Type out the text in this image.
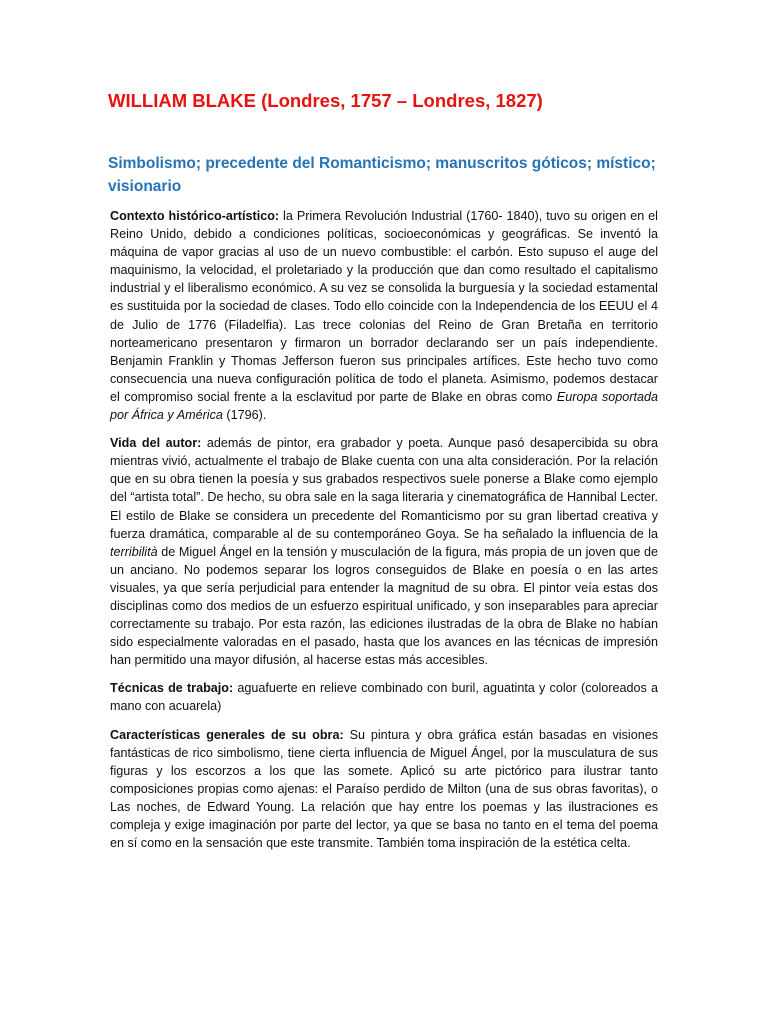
WILLIAM BLAKE (Londres, 1757 – Londres, 1827)
Simbolismo; precedente del Romanticismo; manuscritos góticos; místico; visionario

Contexto histórico-artístico: la Primera Revolución Industrial (1760- 1840), tuvo su origen en el Reino Unido, debido a condiciones políticas, socioeconómicas y geográficas. Se inventó la máquina de vapor gracias al uso de un nuevo combustible: el carbón. Esto supuso el auge del maquinismo, la velocidad, el proletariado y la producción que dan como resultado el capitalismo industrial y el liberalismo económico. A su vez se consolida la burguesía y la sociedad estamental es sustituida por la sociedad de clases. Todo ello coincide con la Independencia de los EEUU el 4 de Julio de 1776 (Filadelfia). Las trece colonias del Reino de Gran Bretaña en territorio norteamericano presentaron y firmaron un borrador declarando ser un país independiente. Benjamin Franklin y Thomas Jefferson fueron sus principales artífices. Este hecho tuvo como consecuencia una nueva configuración política de todo el planeta. Asimismo, podemos destacar el compromiso social frente a la esclavitud por parte de Blake en obras como Europa soportada por África y América (1796).

Vida del autor: además de pintor, era grabador y poeta. Aunque pasó desapercibida su obra mientras vivió, actualmente el trabajo de Blake cuenta con una alta consideración. Por la relación que en su obra tienen la poesía y sus grabados respectivos suele ponerse a Blake como ejemplo del “artista total”. De hecho, su obra sale en la saga literaria y cinematográfica de Hannibal Lecter. El estilo de Blake se considera un precedente del Romanticismo por su gran libertad creativa y fuerza dramática, comparable al de su contemporáneo Goya. Se ha señalado la influencia de la terribilità de Miguel Ángel en la tensión y musculación de la figura, más propia de un joven que de un anciano. No podemos separar los logros conseguidos de Blake en poesía o en las artes visuales, ya que sería perjudicial para entender la magnitud de su obra. El pintor veía estas dos disciplinas como dos medios de un esfuerzo espiritual unificado, y son inseparables para apreciar correctamente su trabajo. Por esta razón, las ediciones ilustradas de la obra de Blake no habían sido especialmente valoradas en el pasado, hasta que los avances en las técnicas de impresión han permitido una mayor difusión, al hacerse estas más accesibles.

Técnicas de trabajo: aguafuerte en relieve combinado con buril, aguatinta y color (coloreados a mano con acuarela)

Características generales de su obra: Su pintura y obra gráfica están basadas en visiones fantásticas de rico simbolismo, tiene cierta influencia de Miguel Ángel, por la musculatura de sus figuras y los escorzos a los que las somete. Aplicó su arte pictórico para ilustrar tanto composiciones propias como ajenas: el Paraíso perdido de Milton (una de sus obras favoritas), o Las noches, de Edward Young. La relación que hay entre los poemas y las ilustraciones es compleja y exige imaginación por parte del lector, ya que se basa no tanto en el tema del poema en sí como en la sensación que este transmite. También toma inspiración de la estética celta.
